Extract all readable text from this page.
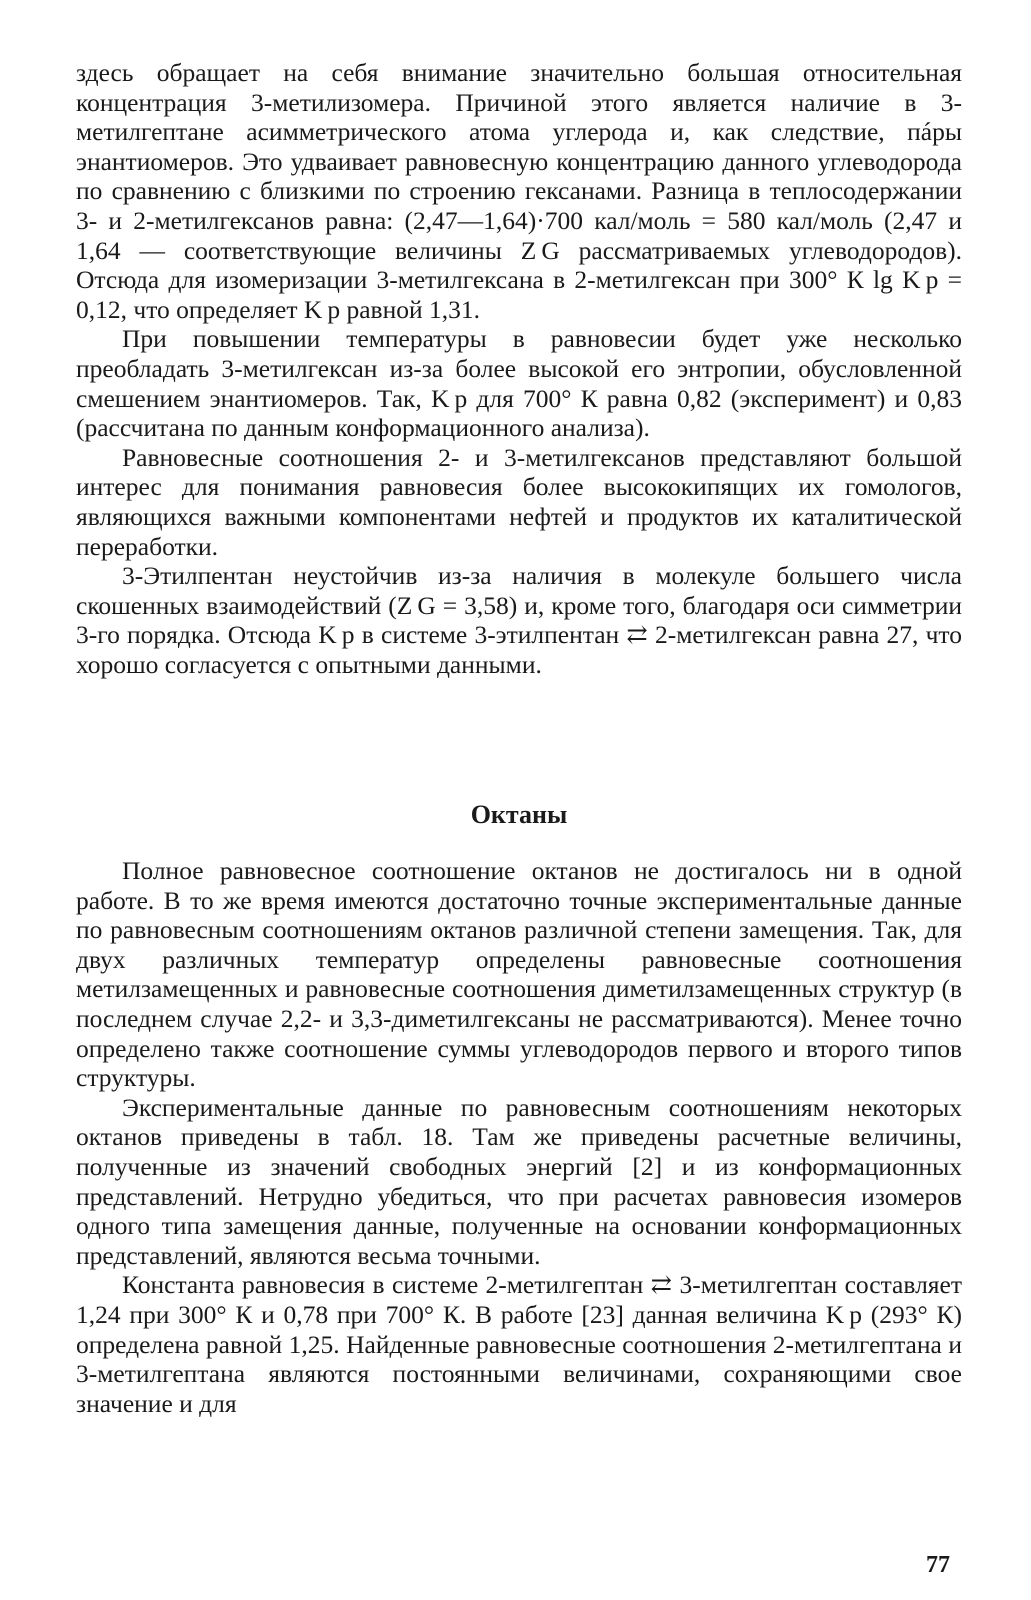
здесь обращает на себя внимание значительно большая относительная концентрация 3-метилизомера. Причиной этого является наличие в 3-метилгептане асимметрического атома углерода и, как следствие, пáры энантиомеров. Это удваивает равновесную концентрацию данного углеводорода по сравнению с близкими по строению гексанами. Разница в теплосодержании 3- и 2-метилгексанов равна: (2,47—1,64)·700 кал/моль = 580 кал/моль (2,47 и 1,64 — соответствующие величины Z G рассматриваемых углеводородов). Отсюда для изомеризации 3-метилгексана в 2-метилгексан при 300° К lg K p = 0,12, что определяет K p равной 1,31.

При повышении температуры в равновесии будет уже несколько преобладать 3-метилгексан из-за более высокой его энтропии, обусловленной смешением энантиомеров. Так, K p для 700° К равна 0,82 (эксперимент) и 0,83 (рассчитана по данным конформационного анализа).

Равновесные соотношения 2- и 3-метилгексанов представляют большой интерес для понимания равновесия более высококипящих их гомологов, являющихся важными компонентами нефтей и продуктов их каталитической переработки.

3-Этилпентан неустойчив из-за наличия в молекуле большего числа скошенных взаимодействий (Z G = 3,58) и, кроме того, благодаря оси симметрии 3-го порядка. Отсюда K p в системе 3-этилпентан ⇄ 2-метилгексан равна 27, что хорошо согласуется с опытными данными.

Октаны

Полное равновесное соотношение октанов не достигалось ни в одной работе. В то же время имеются достаточно точные экспериментальные данные по равновесным соотношениям октанов различной степени замещения. Так, для двух различных температур определены равновесные соотношения метилзамещенных и равновесные соотношения диметилзамещенных структур (в последнем случае 2,2- и 3,3-диметилгексаны не рассматриваются). Менее точно определено также соотношение суммы углеводородов первого и второго типов структуры.

Экспериментальные данные по равновесным соотношениям некоторых октанов приведены в табл. 18. Там же приведены расчетные величины, полученные из значений свободных энергий [2] и из конформационных представлений. Нетрудно убедиться, что при расчетах равновесия изомеров одного типа замещения данные, полученные на основании конформационных представлений, являются весьма точными.

Константа равновесия в системе 2-метилгептан ⇄ 3-метилгептан составляет 1,24 при 300° К и 0,78 при 700° К. В работе [23] данная величина K p (293° К) определена равной 1,25. Найденные равновесные соотношения 2-метилгептана и 3-метилгептана являются постоянными величинами, сохраняющими свое значение и для

77
